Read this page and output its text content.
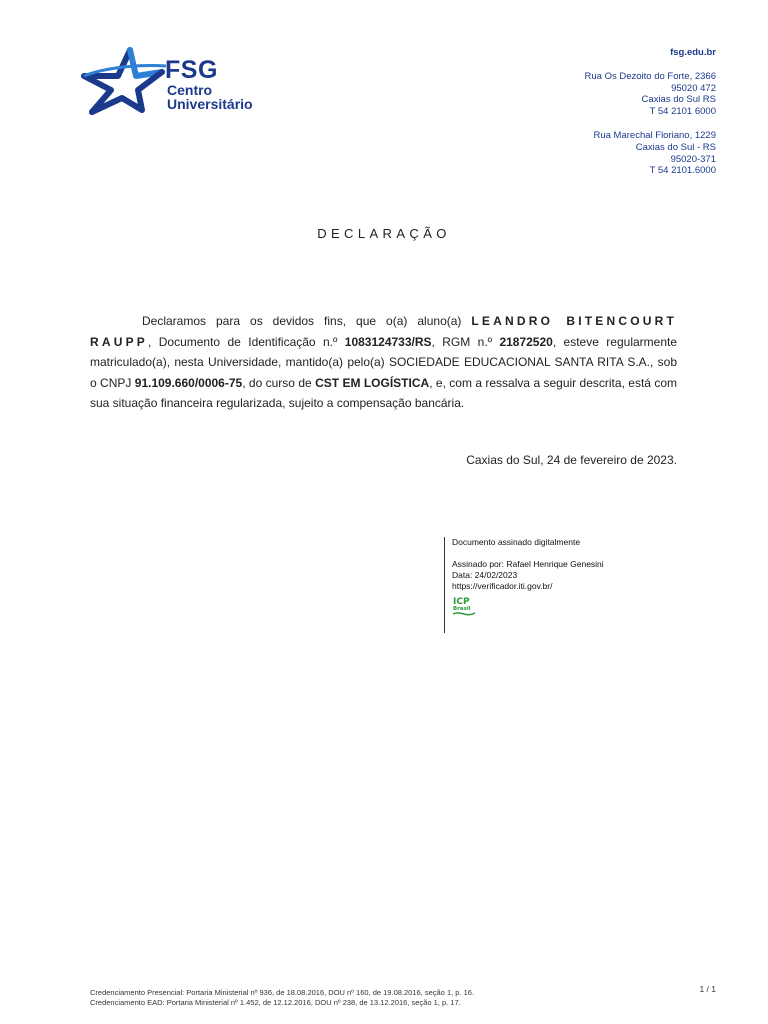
FSG
Centro
Universitário
fsg.edu.br
Rua Os Dezoito do Forte, 2366
95020 472
Caxias do Sul RS
T 54 2101 6000
Rua Marechal Floriano, 1229
Caxias do Sul - RS
95020-371
T 54 2101.6000
DECLARAÇÃO
Declaramos para os devidos fins, que o(a) aluno(a) LEANDRO BITENCOURT RAUPP, Documento de Identificação n.º 1083124733/RS, RGM n.º 21872520, esteve regularmente matriculado(a), nesta Universidade, mantido(a) pelo(a) SOCIEDADE EDUCACIONAL SANTA RITA S.A., sob o CNPJ 91.109.660/0006-75, do curso de CST EM LOGÍSTICA, e, com a ressalva a seguir descrita, está com sua situação financeira regularizada, sujeito a compensação bancária.
Caxias do Sul, 24 de fevereiro de 2023.
Documento assinado digitalmente
Assinado por: Rafael Henrique Genesini
Data: 24/02/2023
https://verificador.iti.gov.br/
ICP
Brasil
Credenciamento Presencial: Portaria Ministerial nº 936, de 18.08.2016, DOU nº 160, de 19.08.2016, seção 1, p. 16.
Credenciamento EAD: Portaria Ministerial nº 1.452, de 12.12.2016, DOU nº 238, de 13.12.2016, seção 1, p. 17.
1 / 1
